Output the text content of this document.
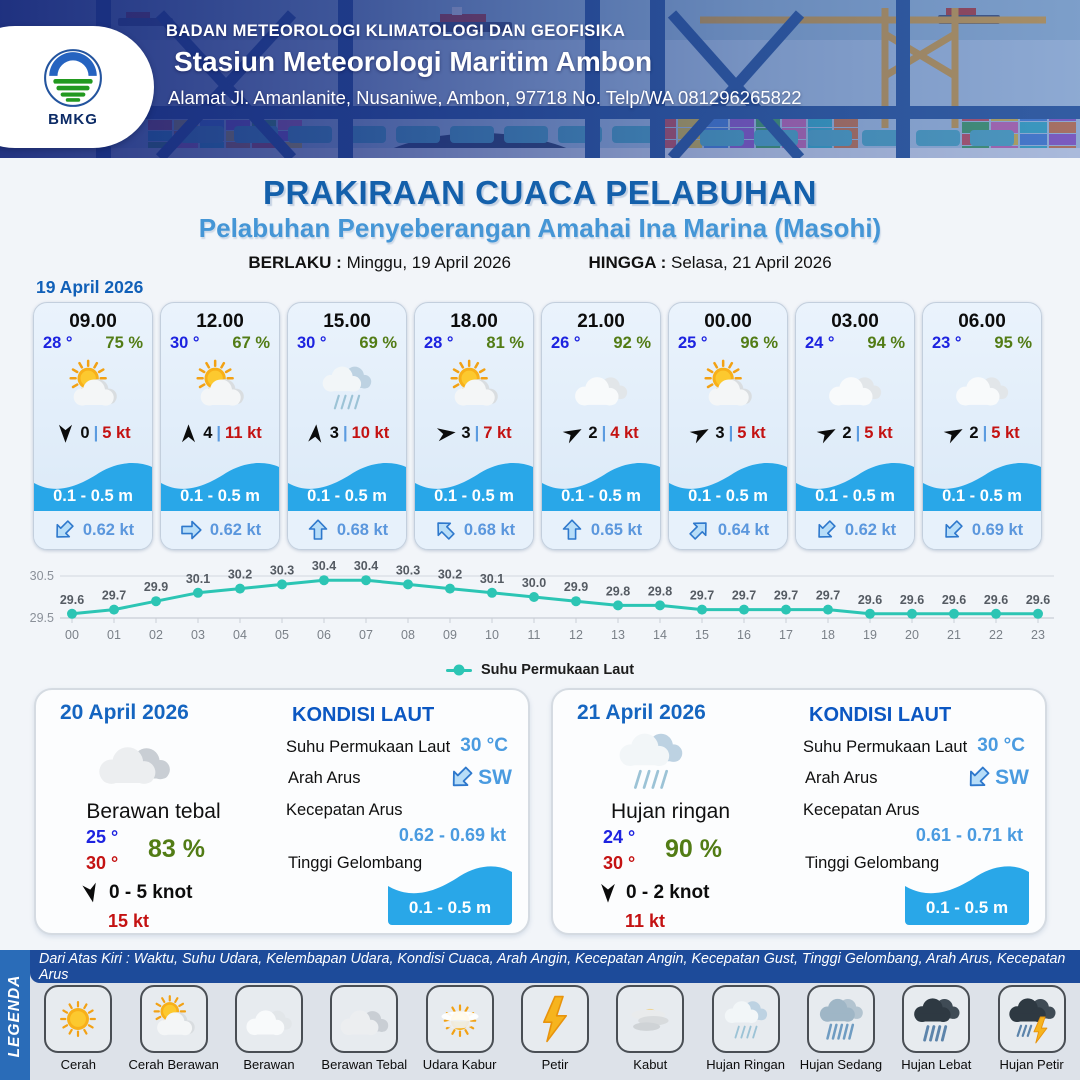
BMKG
BADAN METEOROLOGI KLIMATOLOGI DAN GEOFISIKA
Stasiun Meteorologi Maritim Ambon
Alamat Jl. Amanlanite, Nusaniwe, Ambon, 97718 No. Telp/WA 081296265822
PRAKIRAAN CUACA PELABUHAN
Pelabuhan Penyeberangan Amahai Ina Marina (Masohi)
BERLAKU : Minggu, 19 April 2026	HINGGA : Selasa, 21 April 2026
19 April 2026
09.00
28 ° 75 %
0 | 5 kt
0.1 - 0.5 m
0.62 kt
12.00
30 ° 67 %
4 | 11 kt
0.1 - 0.5 m
0.62 kt
15.00
30 ° 69 %
3 | 10 kt
0.1 - 0.5 m
0.68 kt
18.00
28 ° 81 %
3 | 7 kt
0.1 - 0.5 m
0.68 kt
21.00
26 ° 92 %
2 | 4 kt
0.1 - 0.5 m
0.65 kt
00.00
25 ° 96 %
3 | 5 kt
0.1 - 0.5 m
0.64 kt
03.00
24 ° 94 %
2 | 5 kt
0.1 - 0.5 m
0.62 kt
06.00
23 ° 95 %
2 | 5 kt
0.1 - 0.5 m
0.69 kt
30.5
29.5
29.6
00
29.7
01
29.9
02
30.1
03
30.2
04
30.3
05
30.4
06
30.4
07
30.3
08
30.2
09
30.1
10
30.0
11
29.9
12
29.8
13
29.8
14
29.7
15
29.7
16
29.7
17
29.7
18
29.6
19
29.6
20
29.6
21
29.6
22
29.6
23
Suhu Permukaan Laut
20 April 2026
Berawan tebal
25 °
30 ° 83 %
0 - 5 knot
15 kt
KONDISI LAUT
Suhu Permukaan Laut 30 °C
Arah Arus	SW
Kecepatan Arus
0.62 - 0.69 kt
Tinggi Gelombang
0.1 - 0.5 m
21 April 2026
Hujan ringan
24 °
30 ° 90 %
0 - 2 knot
11 kt
KONDISI LAUT
Suhu Permukaan Laut 30 °C
Arah Arus	SW
Kecepatan Arus
0.61 - 0.71 kt
Tinggi Gelombang
0.1 - 0.5 m
LEGENDA
Dari Atas Kiri : Waktu, Suhu Udara, Kelembapan Udara, Kondisi Cuaca, Arah Angin, Kecepatan Angin, Kecepatan Gust, Tinggi Gelombang, Arah Arus, Kecepatan Arus
Cerah Cerah Berawan Berawan Berawan Tebal Udara Kabur	Petir	Kabut	Hujan Ringan Hujan Sedang Hujan Lebat Hujan Petir
